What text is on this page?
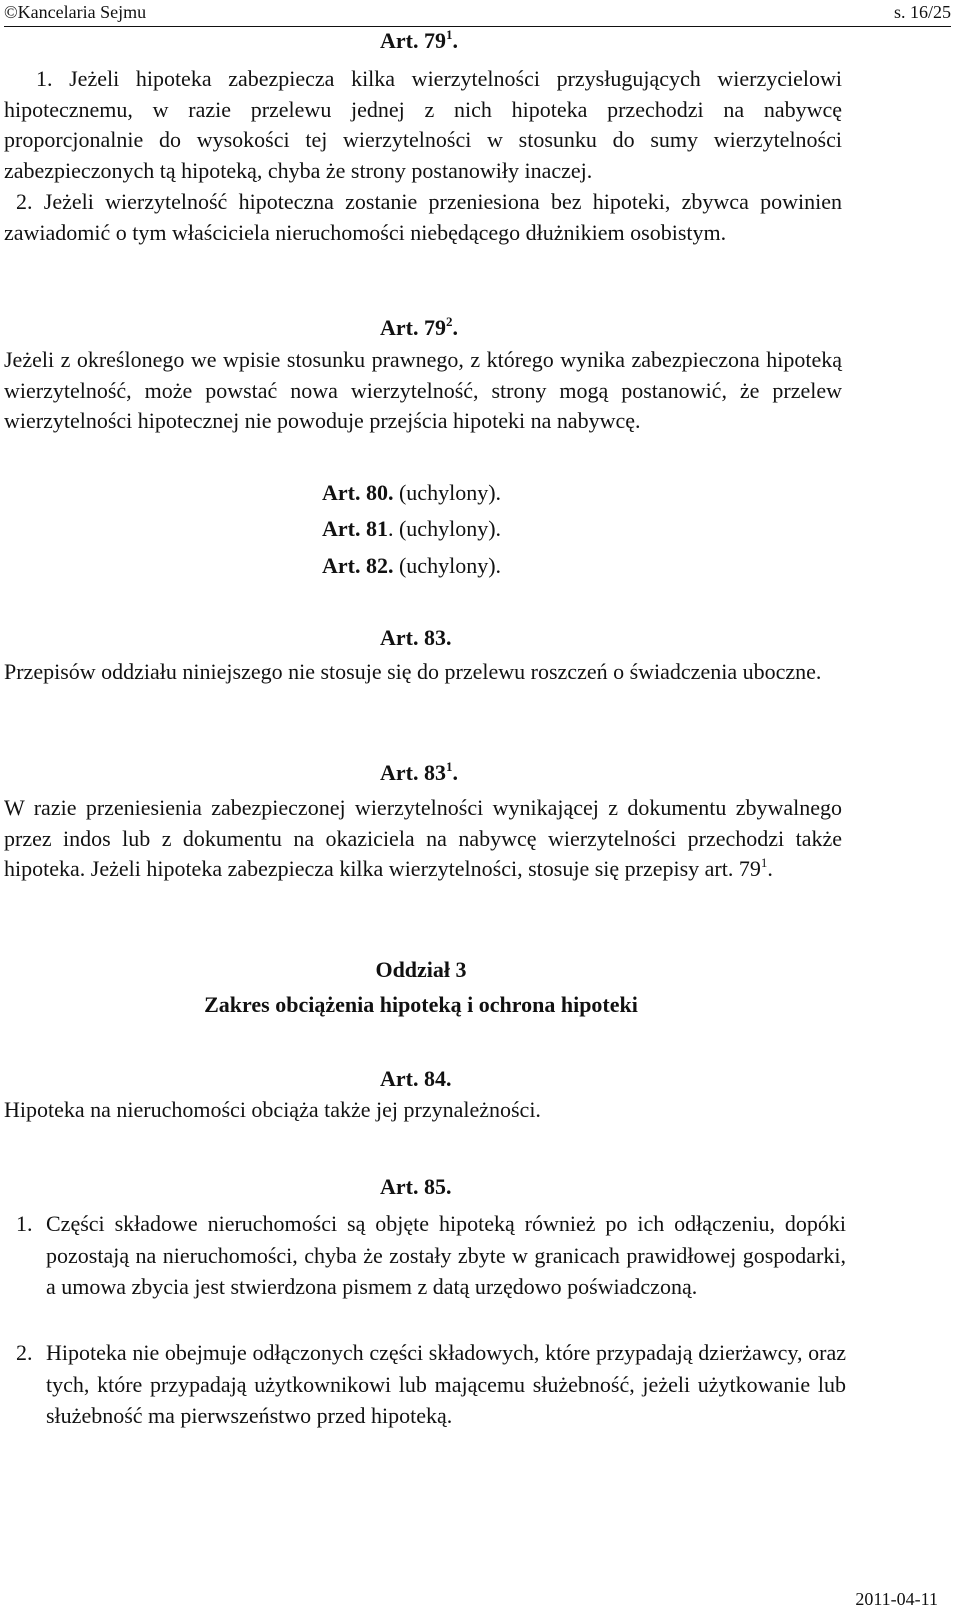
©Kancelaria Sejmu	s. 16/25
Art. $79^1$.
1. Jeżeli hipoteka zabezpiecza kilka wierzytelności przysługujących wierzycielowi hipotecznemu, w razie przelewu jednej z nich hipoteka przechodzi na nabywcę proporcjonalnie do wysokości tej wierzytelności w stosunku do sumy wierzytelności zabezpieczonych tą hipoteką, chyba że strony postanowiły inaczej.
2. Jeżeli wierzytelność hipoteczna zostanie przeniesiona bez hipoteki, zbywca powinien zawiadomić o tym właściciela nieruchomości niebędącego dłużnikiem osobistym.
Art. $79^2$.
Jeżeli z określonego we wpisie stosunku prawnego, z którego wynika zabezpieczona hipoteką wierzytelność, może powstać nowa wierzytelność, strony mogą postanowić, że przelew wierzytelności hipotecznej nie powoduje przejścia hipoteki na nabywcę.
Art. 80. (uchylony).
Art. 81. (uchylony).
Art. 82. (uchylony).
Art. 83.
Przepisów oddziału niniejszego nie stosuje się do przelewu roszczeń o świadczenia uboczne.
Art. $83^1$.
W razie przeniesienia zabezpieczonej wierzytelności wynikającej z dokumentu zbywalnego przez indos lub z dokumentu na okaziciela na nabywcę wierzytelności przechodzi także hipoteka. Jeżeli hipoteka zabezpiecza kilka wierzytelności, stosuje się przepisy art. $79^1$.
Oddział 3
Zakres obciążenia hipoteką i ochrona hipoteki
Art. 84.
Hipoteka na nieruchomości obciąża także jej przynależności.
Art. 85.
1. Części składowe nieruchomości są objęte hipoteką również po ich odłączeniu, dopóki pozostają na nieruchomości, chyba że zostały zbyte w granicach prawidłowej gospodarki, a umowa zbycia jest stwierdzona pismem z datą urzędowo poświadczoną.
2. Hipoteka nie obejmuje odłączonych części składowych, które przypadają dzierżawcy, oraz tych, które przypadają użytkownikowi lub mającemu służebność, jeżeli użytkowanie lub służebność ma pierwszeństwo przed hipoteką.
2011-04-11
